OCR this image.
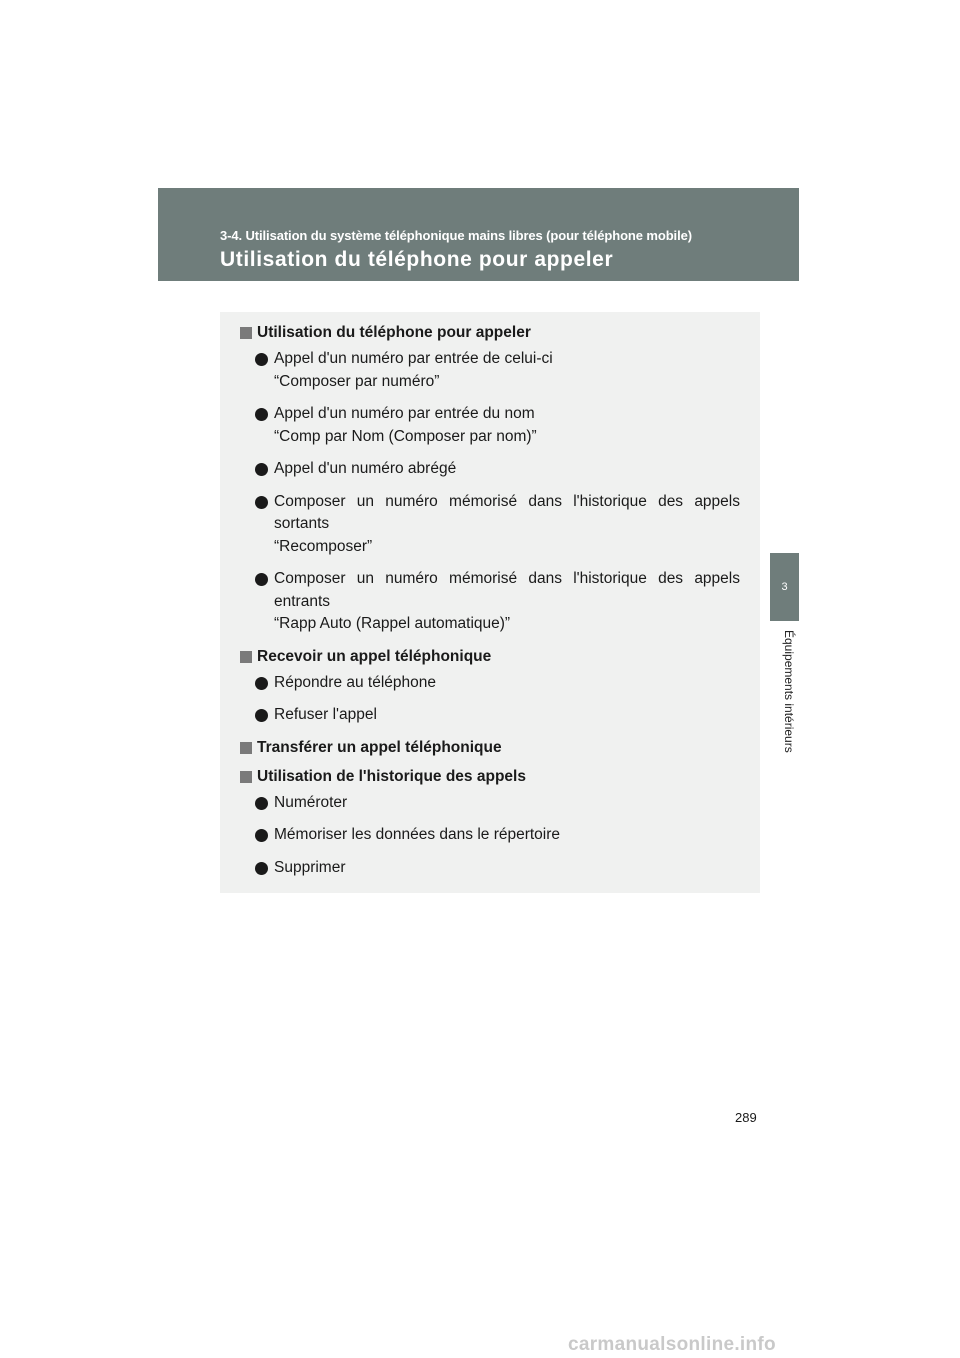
3-4. Utilisation du système téléphonique mains libres (pour téléphone mobile)
Utilisation du téléphone pour appeler
3
Équipements intérieurs
Utilisation du téléphone pour appeler
Appel d'un numéro par entrée de celui-ci
“Composer par numéro”
Appel d'un numéro par entrée du nom
“Comp par Nom (Composer par nom)”
Appel d'un numéro abrégé
Composer un numéro mémorisé dans l'historique des appels sortants
“Recomposer”
Composer un numéro mémorisé dans l'historique des appels entrants
“Rapp Auto (Rappel automatique)”
Recevoir un appel téléphonique
Répondre au téléphone
Refuser l'appel
Transférer un appel téléphonique
Utilisation de l'historique des appels
Numéroter
Mémoriser les données dans le répertoire
Supprimer
289
carmanualsonline.info
